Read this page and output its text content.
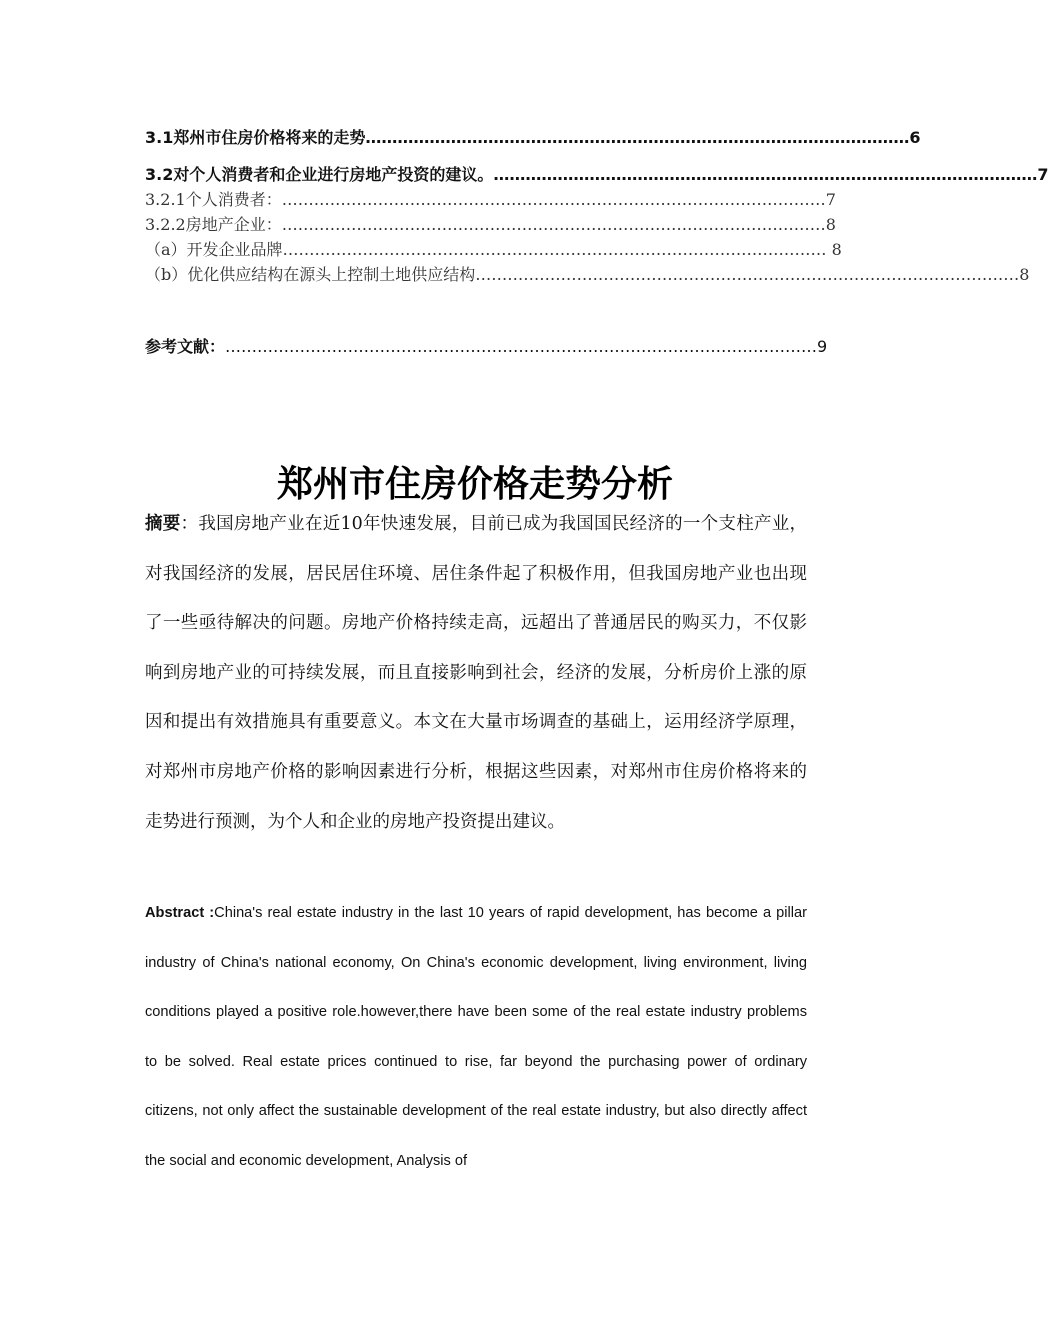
3.1郑州市住房价格将来的走势 ………………………………………………………………………………………… 6
3.2对个人消费者和企业进行房地产投资的建议。 ………………………………………………………………………………………… 7
3.2.1个人消费者： ………………………………………………………………………………………… 7
3.2.2房地产企业： ………………………………………………………………………………………… 8
（a）开发企业品牌 ………………………………………………………………………………………… 8
（b）优化供应结构在源头上控制土地供应结构 ………………………………………………………………………………………… 8
参考文献： ………………………………………………………………………………………………… 9
郑州市住房价格走势分析
摘要：我国房地产业在近10年快速发展，目前已成为我国国民经济的一个支柱产业，对我国经济的发展，居民居住环境、居住条件起了积极作用，但我国房地产业也出现了一些亟待解决的问题。房地产价格持续走高，远超出了普通居民的购买力，不仅影响到房地产业的可持续发展，而且直接影响到社会，经济的发展，分析房价上涨的原因和提出有效措施具有重要意义。本文在大量市场调查的基础上，运用经济学原理，对郑州市房地产价格的影响因素进行分析，根据这些因素，对郑州市住房价格将来的走势进行预测，为个人和企业的房地产投资提出建议。
Abstract :China's real estate industry in the last 10 years of rapid development, has become a pillar industry of China's national economy, On China's economic development, living environment, living conditions played a positive role.however,there have been some of the real estate industry problems to be solved. Real estate prices continued to rise, far beyond the purchasing power of ordinary citizens, not only affect the sustainable development of the real estate industry, but also directly affect the social and economic development, Analysis of
